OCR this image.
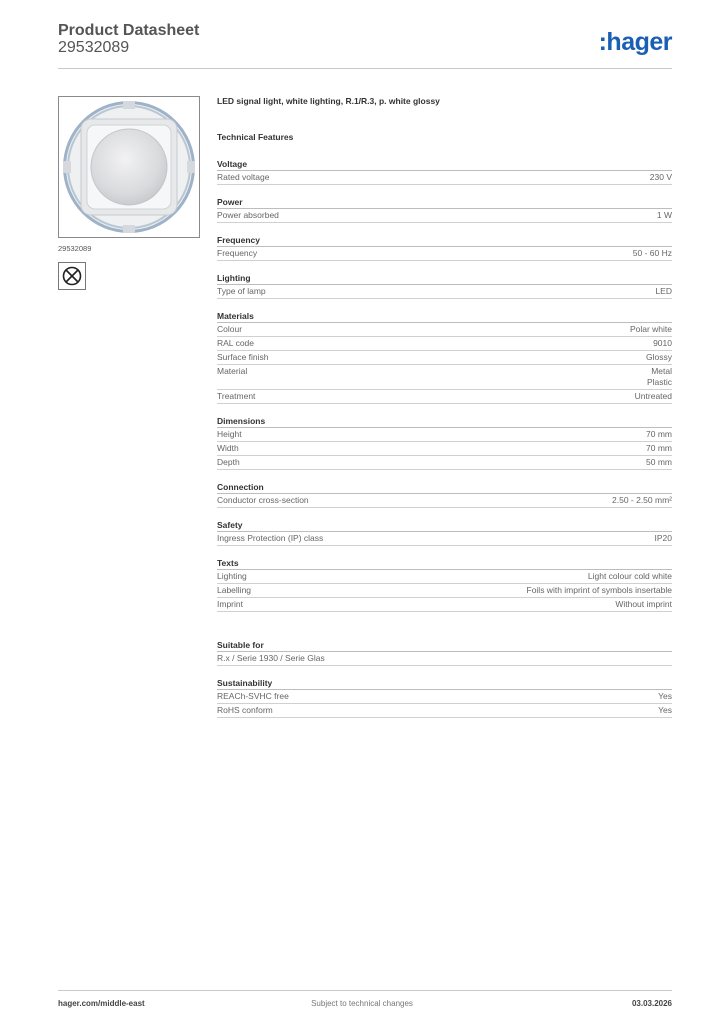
Product Datasheet
29532089	:hager
29532089
LED signal light, white lighting, R.1/R.3, p. white glossy
Technical Features
Voltage
Rated voltage	230 V
Power
Power absorbed	1 W
Frequency
Frequency	50 - 60 Hz
Lighting
Type of lamp	LED
Materials
Colour	Polar white
RAL code	9010
Surface finish	Glossy
Material	Metal
Plastic
Treatment	Untreated
Dimensions
Height	70 mm
Width	70 mm
Depth	50 mm
Connection
Conductor cross-section	2.50 - 2.50 mm²
Safety
Ingress Protection (IP) class	IP20
Texts
Lighting	Light colour cold white
Labelling	Foils with imprint of symbols insertable
Imprint	Without imprint
Suitable for
R.x / Serie 1930 / Serie Glas
Sustainability
REACh-SVHC free	Yes
RoHS conform	Yes
hager.com/middle-east	Subject to technical changes	03.03.2026
